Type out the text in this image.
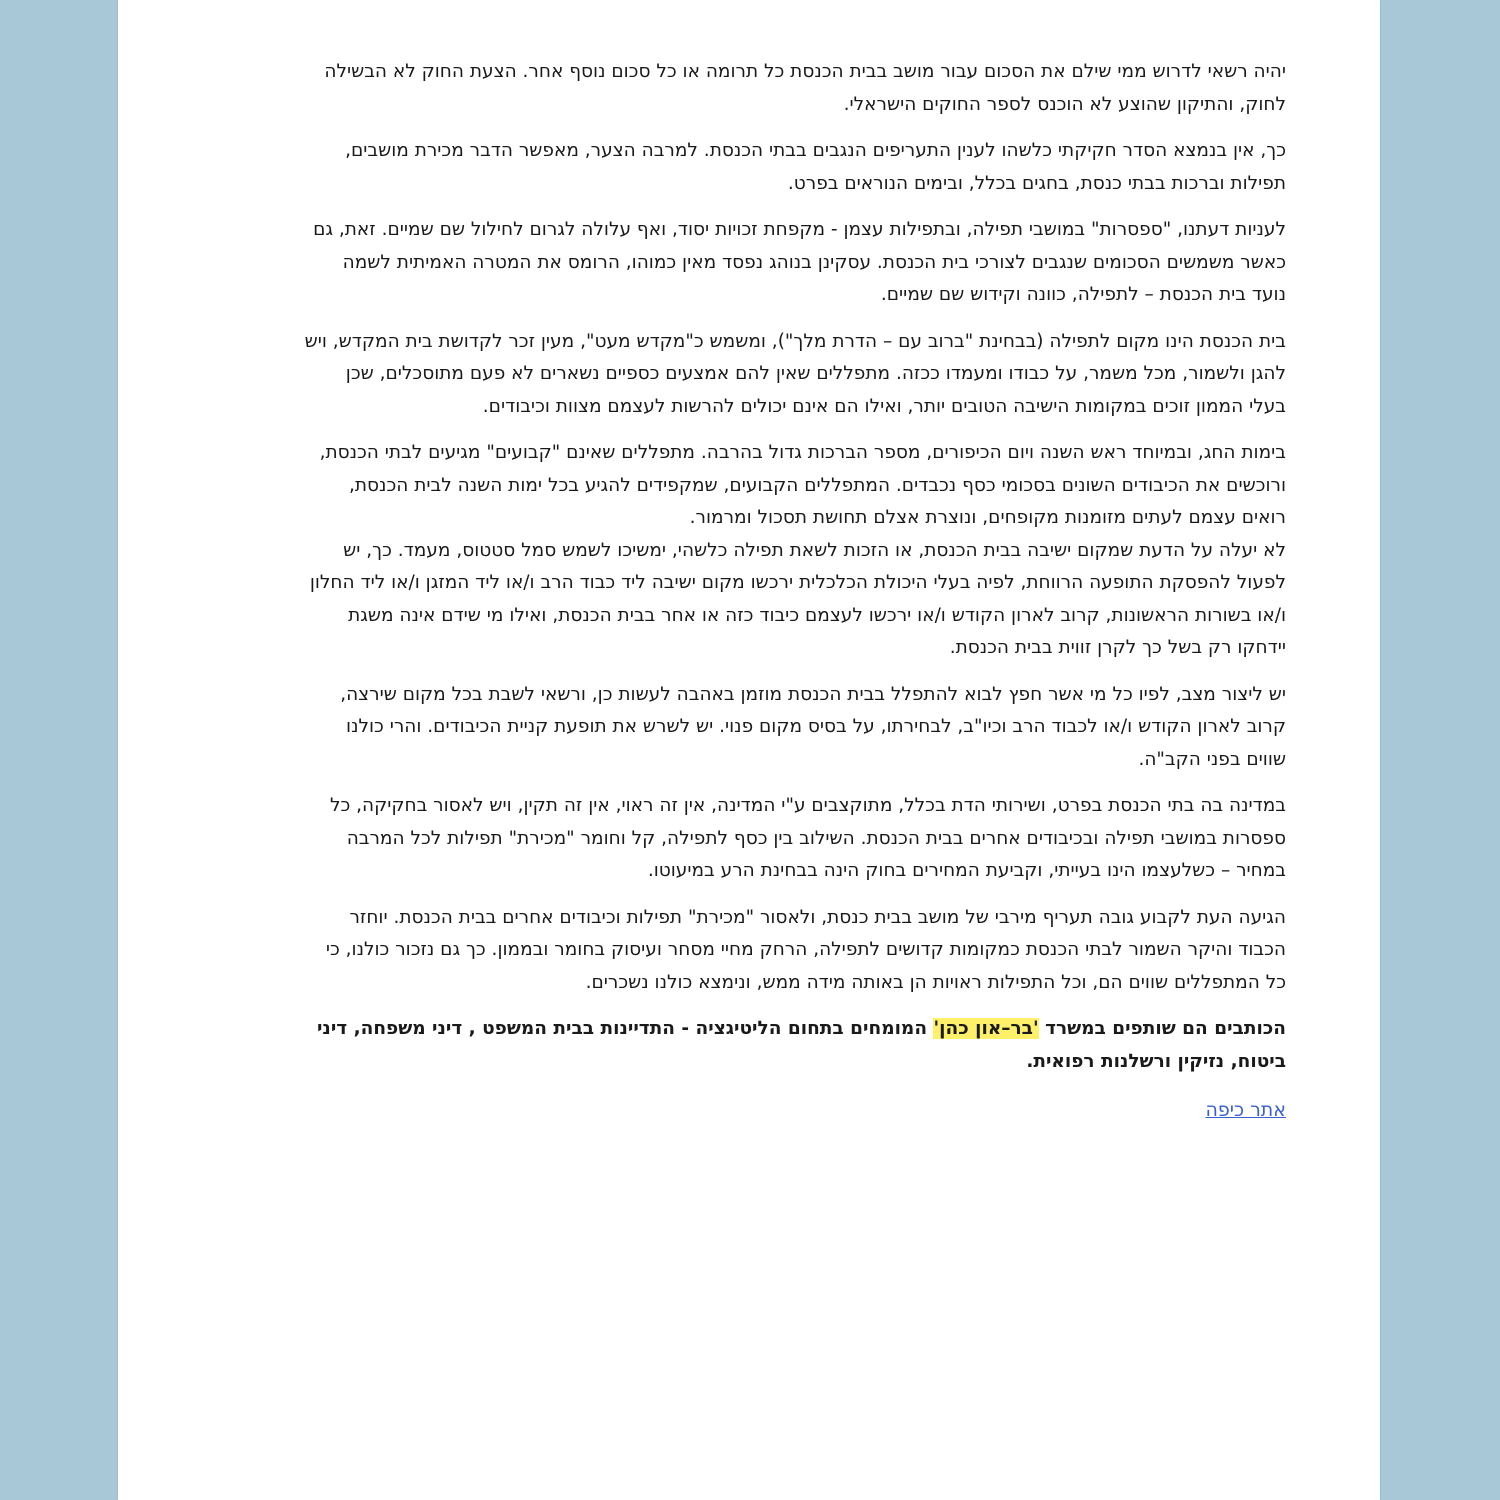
יהיה רשאי לדרוש ממי שילם את הסכום עבור מושב בבית הכנסת כל תרומה או כל סכום נוסף אחר. הצעת החוק לא הבשילה לחוק, והתיקון שהוצע לא הוכנס לספר החוקים הישראלי.

כך, אין בנמצא הסדר חקיקתי כלשהו לענין התעריפים הנגבים בבתי הכנסת. למרבה הצער, מאפשר הדבר מכירת מושבים, תפילות וברכות בבתי כנסת, בחגים בכלל, ובימים הנוראים בפרט.

לעניות דעתנו, "ספסרות" במושבי תפילה, ובתפילות עצמן - מקפחת זכויות יסוד, ואף עלולה לגרום לחילול שם שמיים. זאת, גם כאשר משמשים הסכומים שנגבים לצורכי בית הכנסת. עסקינן בנוהג נפסד מאין כמוהו, הרומס את המטרה האמיתית לשמה נועד בית הכנסת – לתפילה, כוונה וקידוש שם שמיים.

בית הכנסת הינו מקום לתפילה (בבחינת "ברוב עם – הדרת מלך"), ומשמש כ"מקדש מעט", מעין זכר לקדושת בית המקדש, ויש להגן ולשמור, מכל משמר, על כבודו ומעמדו ככזה. מתפללים שאין להם אמצעים כספיים נשארים לא פעם מתוסכלים, שכן בעלי הממון זוכים במקומות הישיבה הטובים יותר, ואילו הם אינם יכולים להרשות לעצמם מצוות וכיבודים.

בימות החג, ובמיוחד ראש השנה ויום הכיפורים, מספר הברכות גדול בהרבה. מתפללים שאינם "קבועים" מגיעים לבתי הכנסת, ורוכשים את הכיבודים השונים בסכומי כסף נכבדים. המתפללים הקבועים, שמקפידים להגיע בכל ימות השנה לבית הכנסת, רואים עצמם לעתים מזומנות מקופחים, ונוצרת אצלם תחושת תסכול ומרמור.

לא יעלה על הדעת שמקום ישיבה בבית הכנסת, או הזכות לשאת תפילה כלשהי, ימשיכו לשמש סמל סטטוס, מעמד. כך, יש לפעול להפסקת התופעה הרווחת, לפיה בעלי היכולת הכלכלית ירכשו מקום ישיבה ליד כבוד הרב ו/או ליד המזגן ו/או ליד החלון ו/או בשורות הראשונות, קרוב לארון הקודש ו/או ירכשו לעצמם כיבוד כזה או אחר בבית הכנסת, ואילו מי שידם אינה משגת יידחקו רק בשל כך לקרן זווית בבית הכנסת.

יש ליצור מצב, לפיו כל מי אשר חפץ לבוא להתפלל בבית הכנסת מוזמן באהבה לעשות כן, ורשאי לשבת בכל מקום שירצה, קרוב לארון הקודש ו/או לכבוד הרב וכיו"ב, לבחירתו, על בסיס מקום פנוי. יש לשרש את תופעת קניית הכיבודים. והרי כולנו שווים בפני הקב"ה.

במדינה בה בתי הכנסת בפרט, ושירותי הדת בכלל, מתוקצבים ע"י המדינה, אין זה ראוי, אין זה תקין, ויש לאסור בחקיקה, כל ספסרות במושבי תפילה ובכיבודים אחרים בבית הכנסת. השילוב בין כסף לתפילה, קל וחומר "מכירת" תפילות לכל המרבה במחיר – כשלעצמו הינו בעייתי, וקביעת המחירים בחוק הינה בבחינת הרע במיעוטו.

הגיעה העת לקבוע גובה תעריף מירבי של מושב בבית כנסת, ולאסור "מכירת" תפילות וכיבודים אחרים בבית הכנסת. יוחזר הכבוד והיקר השמור לבתי הכנסת כמקומות קדושים לתפילה, הרחק מחיי מסחר ועיסוק בחומר ובממון. כך גם נזכור כולנו, כי כל המתפללים שווים הם, וכל התפילות ראויות הן באותה מידה ממש, ונימצא כולנו נשכרים.

הכותבים הם שותפים במשרד 'בר–און כהן' המומחים בתחום הליטיגציה - התדיינות בבית המשפט , דיני משפחה, דיני ביטוח, נזיקין ורשלנות רפואית.

אתר כיפה
